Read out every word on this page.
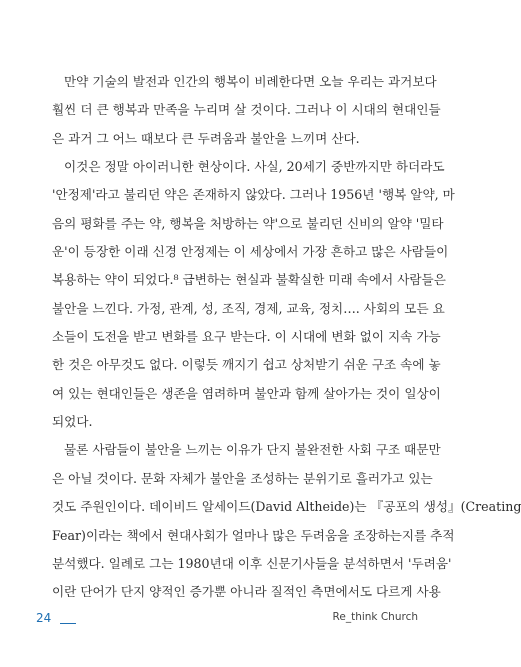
만약 기술의 발전과 인간의 행복이 비례한다면 오늘 우리는 과거보다
훨씬 더 큰 행복과 만족을 누리며 살 것이다. 그러나 이 시대의 현대인들
은 과거 그 어느 때보다 큰 두려움과 불안을 느끼며 산다.
이것은 정말 아이러니한 현상이다. 사실, 20세기 중반까지만 하더라도
'안정제'라고 불리던 약은 존재하지 않았다. 그러나 1956년 '행복 알약, 마
음의 평화를 주는 약, 행복을 처방하는 약'으로 불리던 신비의 알약 '밀타
운'이 등장한 이래 신경 안정제는 이 세상에서 가장 흔하고 많은 사람들이
복용하는 약이 되었다.⁸ 급변하는 현실과 불확실한 미래 속에서 사람들은
불안을 느낀다. 가정, 관계, 성, 조직, 경제, 교육, 정치…. 사회의 모든 요
소들이 도전을 받고 변화를 요구 받는다. 이 시대에 변화 없이 지속 가능
한 것은 아무것도 없다. 이렇듯 깨지기 쉽고 상처받기 쉬운 구조 속에 놓
여 있는 현대인들은 생존을 염려하며 불안과 함께 살아가는 것이 일상이
되었다.
물론 사람들이 불안을 느끼는 이유가 단지 불완전한 사회 구조 때문만
은 아닐 것이다. 문화 자체가 불안을 조성하는 분위기로 흘러가고 있는
것도 주원인이다. 데이비드 알세이드(David Altheide)는 『공포의 생성』(Creating
Fear)이라는 책에서 현대사회가 얼마나 많은 두려움을 조장하는지를 추적
분석했다. 일례로 그는 1980년대 이후 신문기사들을 분석하면서 '두려움'
이란 단어가 단지 양적인 증가뿐 아니라 질적인 측면에서도 다르게 사용
24	Re_think Church
